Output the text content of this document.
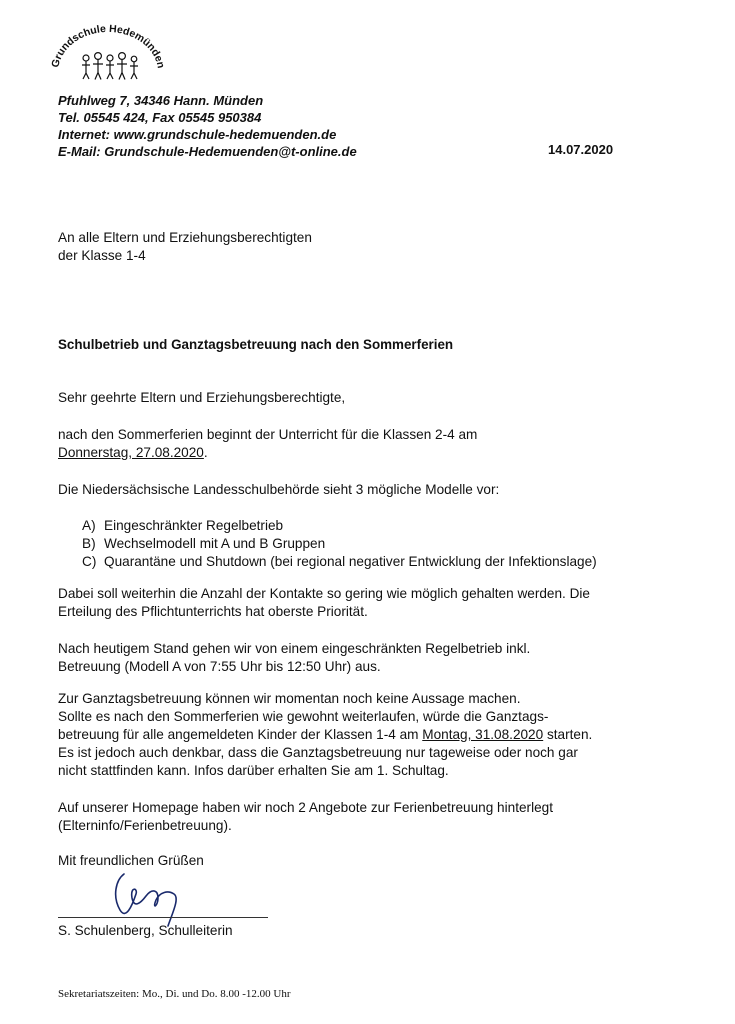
Grundschule Hedemünden
Pfuhlweg 7, 34346 Hann. Münden
Tel. 05545 424, Fax 05545 950384
Internet: www.grundschule-hedemuenden.de
E-Mail: Grundschule-Hedemuenden@t-online.de	14.07.2020
An alle Eltern und Erziehungsberechtigten
der Klasse 1-4
Schulbetrieb und Ganztagsbetreuung nach den Sommerferien
Sehr geehrte Eltern und Erziehungsberechtigte,
nach den Sommerferien beginnt der Unterricht für die Klassen 2-4 am
Donnerstag, 27.08.2020.
Die Niedersächsische Landesschulbehörde sieht 3 mögliche Modelle vor:
A) Eingeschränkter Regelbetrieb
B) Wechselmodell mit A und B Gruppen
C) Quarantäne und Shutdown (bei regional negativer Entwicklung der Infektionslage)
Dabei soll weiterhin die Anzahl der Kontakte so gering wie möglich gehalten werden. Die
Erteilung des Pflichtunterrichts hat oberste Priorität.
Nach heutigem Stand gehen wir von einem eingeschränkten Regelbetrieb inkl.
Betreuung (Modell A von 7:55 Uhr bis 12:50 Uhr) aus.
Zur Ganztagsbetreuung können wir momentan noch keine Aussage machen.
Sollte es nach den Sommerferien wie gewohnt weiterlaufen, würde die Ganztags-
betreuung für alle angemeldeten Kinder der Klassen 1-4 am Montag, 31.08.2020 starten.
Es ist jedoch auch denkbar, dass die Ganztagsbetreuung nur tageweise oder noch gar
nicht stattfinden kann. Infos darüber erhalten Sie am 1. Schultag.
Auf unserer Homepage haben wir noch 2 Angebote zur Ferienbetreuung hinterlegt
(Elterninfo/Ferienbetreuung).
Mit freundlichen Grüßen
S. Schulenberg, Schulleiterin
Sekretariatszeiten: Mo., Di. und Do. 8.00 -12.00 Uhr
